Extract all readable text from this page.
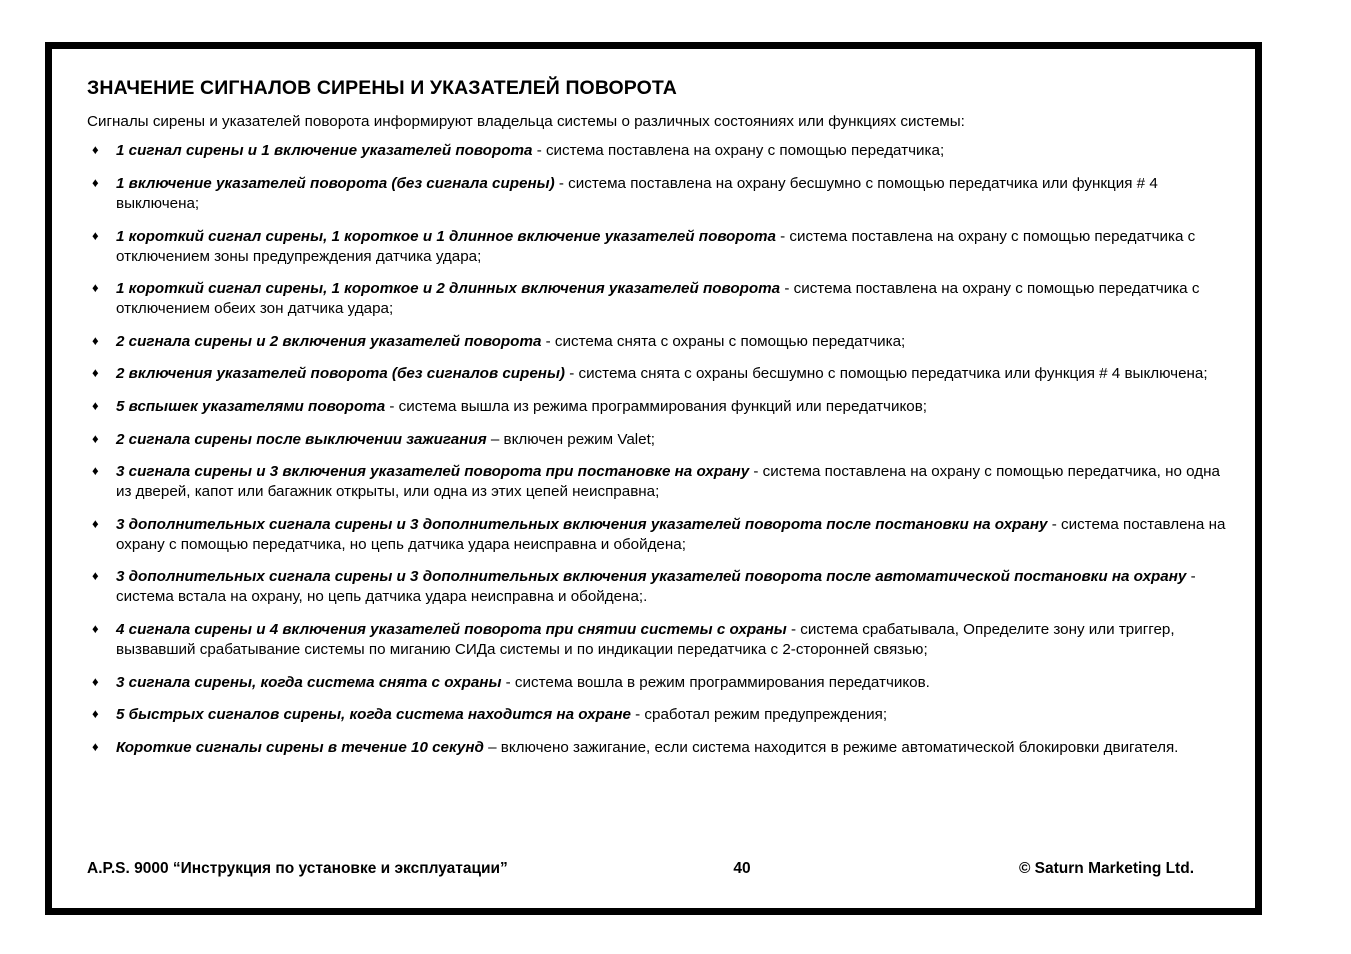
ЗНАЧЕНИЕ СИГНАЛОВ СИРЕНЫ И УКАЗАТЕЛЕЙ ПОВОРОТА

Сигналы сирены и указателей поворота информируют владельца системы о различных состояниях или функциях системы:

♦ 1 сигнал сирены и 1 включение указателей поворота - система поставлена на охрану с помощью передатчика;
♦ 1 включение указателей поворота (без сигнала сирены) - система поставлена на охрану бесшумно с помощью передатчика или функция # 4 выключена;
♦ 1 короткий сигнал сирены, 1 короткое и 1 длинное включение указателей поворота - система поставлена на охрану с помощью передатчика с отключением зоны предупреждения датчика удара;
♦ 1 короткий сигнал сирены, 1 короткое и 2 длинных включения указателей поворота - система поставлена на охрану с помощью передатчика с отключением обеих зон датчика удара;
♦ 2 сигнала сирены и 2 включения указателей поворота - система снята с охраны с помощью передатчика;
♦ 2 включения указателей поворота (без сигналов сирены) - система снята с охраны бесшумно с помощью передатчика или функция # 4 выключена;
♦ 5 вспышек указателями поворота - система вышла из режима программирования функций или передатчиков;
♦ 2 сигнала сирены после выключении зажигания – включен режим Valet;
♦ 3 сигнала сирены и 3 включения указателей поворота при постановке на охрану - система поставлена на охрану с помощью передатчика, но одна из дверей, капот или багажник открыты, или одна из этих цепей неисправна;
♦ 3 дополнительных сигнала сирены и 3 дополнительных включения указателей поворота после постановки на охрану - система поставлена на охрану с помощью передатчика, но цепь датчика удара неисправна и обойдена;
♦ 3 дополнительных сигнала сирены и 3 дополнительных включения указателей поворота после автоматической постановки на охрану - система встала на охрану, но цепь датчика удара неисправна и обойдена;.
♦ 4 сигнала сирены и 4 включения указателей поворота при снятии системы с охраны - система срабатывала, Определите зону или триггер, вызвавший срабатывание системы по миганию СИДа системы и по индикации передатчика с 2-сторонней связью;
♦ 3 сигнала сирены, когда система снята с охраны - система вошла в режим программирования передатчиков.
♦ 5 быстрых сигналов сирены, когда система находится на охране - сработал режим предупреждения;
♦ Короткие сигналы сирены в течение 10 секунд – включено зажигание, если система находится в режиме автоматической блокировки двигателя.
A.P.S. 9000 “Инструкция по установке и эксплуатации”	40	© Saturn Marketing Ltd.
